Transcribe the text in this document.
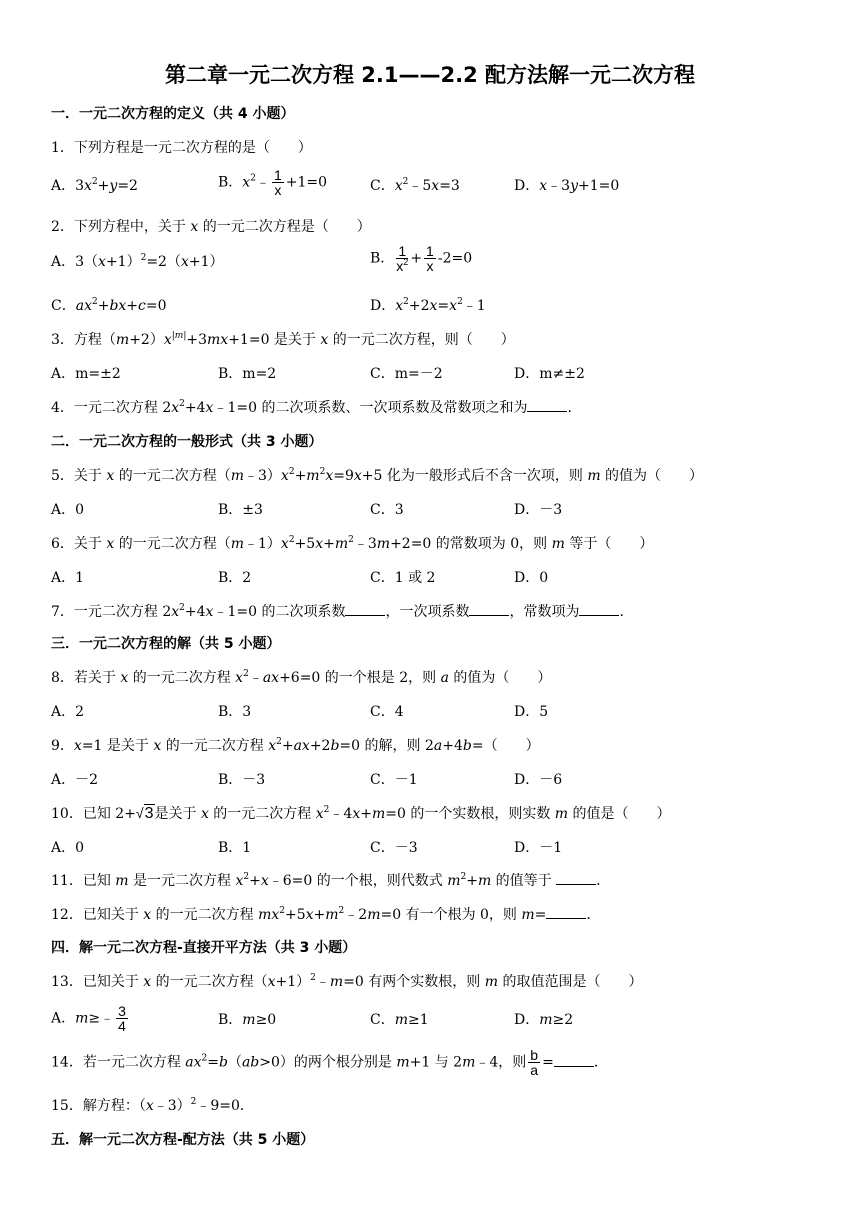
第二章一元二次方程 2.1——2.2 配方法解一元二次方程
一．一元二次方程的定义（共 4 小题）
1．下列方程是一元二次方程的是（　　）
A．$3x^2+y=2$	B．$x^2﹣ \frac{1}{x} +1=0$	C．$x^2﹣5x=3$	D．x﹣3y+1=0
2．下列方程中，关于 x 的一元二次方程是（　　）
A．$3(x+1)^2=2(x+1)$	B． $\frac{1}{x^2} + \frac{1}{x} -2=0$
C．$ax^2+bx+c=0$	D．$x^2+2x=x^2﹣1$
3．方程$(m+2)x^{|m|}+3mx+1=0$ 是关于 x 的一元二次方程，则（　　）
A．m=±2	B．m=2	C．m=－2	D．m≠±2
4．一元二次方程 $2x^2+4x﹣1=0$ 的二次项系数、一次项系数及常数项之和为	．
二．一元二次方程的一般形式（共 3 小题）
5．关于 x 的一元二次方程$(m﹣3)x^2+m^2x=9x+5$ 化为一般形式后不含一次项，则 m 的值为（　　）
A．0	B．±3	C．3	D．－3
6．关于 x 的一元二次方程$(m﹣1)x^2+5x+m^2﹣3m+2=0$ 的常数项为 0，则 m 等于（　　）
A．1	B．2	C．1 或 2	D．0
7．一元二次方程 $2x^2+4x﹣1=0$ 的二次项系数	，一次项系数	，常数项为	．
三．一元二次方程的解（共 5 小题）
8．若关于 x 的一元二次方程 $x^2﹣ax+6=0$ 的一个根是 2，则 a 的值为（　　）
A．2	B．3	C．4	D．5
9．x=1 是关于 x 的一元二次方程 $x^2+ax+2b=0$ 的解，则 2a+4b=（　　）
A．－2	B．－3	C．－1	D．－6
10．已知 2+√3是关于 x 的一元二次方程 $x^2﹣4x+m=0$ 的一个实数根，则实数 m 的值是（　　）
A．0	B．1	C．－3	D．－1
11．已知 m 是一元二次方程 $x^2+x﹣6=0$ 的一个根，则代数式 $m^2+m$ 的值等于	．
12．已知关于 x 的一元二次方程 $mx^2+5x+m^2﹣2m=0$ 有一个根为 0，则 m=	．
四．解一元二次方程-直接开平方法（共 3 小题）
13．已知关于 x 的一元二次方程$(x+1)^2﹣m=0$ 有两个实数根，则 m 的取值范围是（　　）
A．m≥﹣ $\frac{3}{4}$	B．m≥0	C．m≥1	D．m≥2
14．若一元二次方程 $ax^2=b(ab>0)$的两个根分别是 m+1 与 2m﹣4，则 $\frac{b}{a}$ =	．
15．解方程：（x﹣3）$^2$﹣9=0．
五．解一元二次方程-配方法（共 5 小题）
